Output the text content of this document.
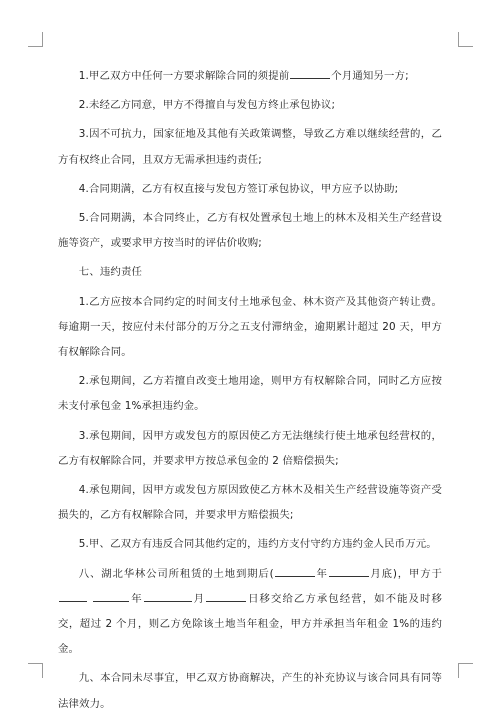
1.甲乙双方中任何一方要求解除合同的须提前	个月通知另一方;

2.未经乙方同意，甲方不得擅自与发包方终止承包协议;

3.因不可抗力，国家征地及其他有关政策调整，导致乙方难以继续经营的，乙方有权终止合同，且双方无需承担违约责任;

4.合同期满，乙方有权直接与发包方签订承包协议，甲方应予以协助;

5.合同期满，本合同终止，乙方有权处置承包土地上的林木及相关生产经营设施等资产，或要求甲方按当时的评估价收购;

七、违约责任

1.乙方应按本合同约定的时间支付土地承包金、林木资产及其他资产转让费。每逾期一天，按应付未付部分的万分之五支付滞纳金，逾期累计超过 20 天，甲方有权解除合同。

2.承包期间，乙方若擅自改变土地用途，则甲方有权解除合同，同时乙方应按未支付承包金 1%承担违约金。

3.承包期间，因甲方或发包方的原因使乙方无法继续行使土地承包经营权的，乙方有权解除合同，并要求甲方按总承包金的 2 倍赔偿损失;

4.承包期间，因甲方或发包方原因致使乙方林木及相关生产经营设施等资产受损失的，乙方有权解除合同，并要求甲方赔偿损失;

5.甲、乙双方有违反合同其他约定的，违约方支付守约方违约金人民币万元。

八、湖北华林公司所租赁的土地到期后(	年	月底)，甲方于 年	月	日移交给乙方承包经营，如不能及时移交，超过 2 个月，则乙方免除该土地当年租金，甲方并承担当年租金 1%的违约金。

九、本合同未尽事宜，甲乙双方协商解决，产生的补充协议与该合同具有同等法律效力。
